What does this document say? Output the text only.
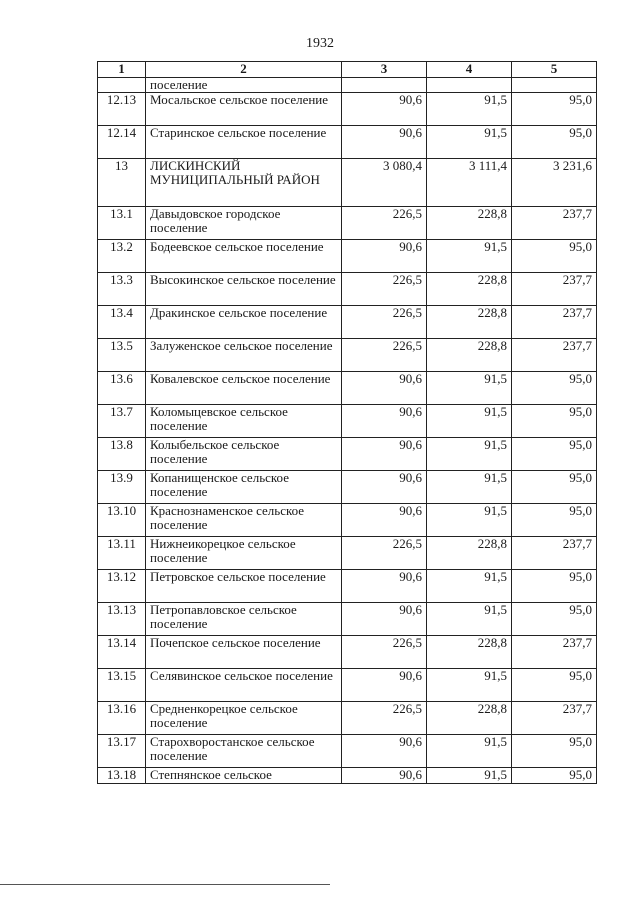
1932
1	2	3	4	5
	поселение			
12.13	Мосальское сельское поселение	90,6	91,5	95,0
12.14	Старинское сельское поселение	90,6	91,5	95,0
13	ЛИСКИНСКИЙ МУНИЦИПАЛЬНЫЙ РАЙОН	3 080,4	3 111,4	3 231,6
13.1	Давыдовское городское поселение	226,5	228,8	237,7
13.2	Бодеевское сельское поселение	90,6	91,5	95,0
13.3	Высокинское сельское поселение	226,5	228,8	237,7
13.4	Дракинское сельское поселение	226,5	228,8	237,7
13.5	Залуженское сельское поселение	226,5	228,8	237,7
13.6	Ковалевское сельское поселение	90,6	91,5	95,0
13.7	Коломыцевское сельское поселение	90,6	91,5	95,0
13.8	Колыбельское сельское поселение	90,6	91,5	95,0
13.9	Копанищенское сельское поселение	90,6	91,5	95,0
13.10	Краснознаменское сельское поселение	90,6	91,5	95,0
13.11	Нижнеикорецкое сельское поселение	226,5	228,8	237,7
13.12	Петровское сельское поселение	90,6	91,5	95,0
13.13	Петропавловское сельское поселение	90,6	91,5	95,0
13.14	Почепское сельское поселение	226,5	228,8	237,7
13.15	Селявинское сельское поселение	90,6	91,5	95,0
13.16	Средненкорецкое сельское поселение	226,5	228,8	237,7
13.17	Старохворостанское сельское поселение	90,6	91,5	95,0
13.18	Степнянское сельское	90,6	91,5	95,0
